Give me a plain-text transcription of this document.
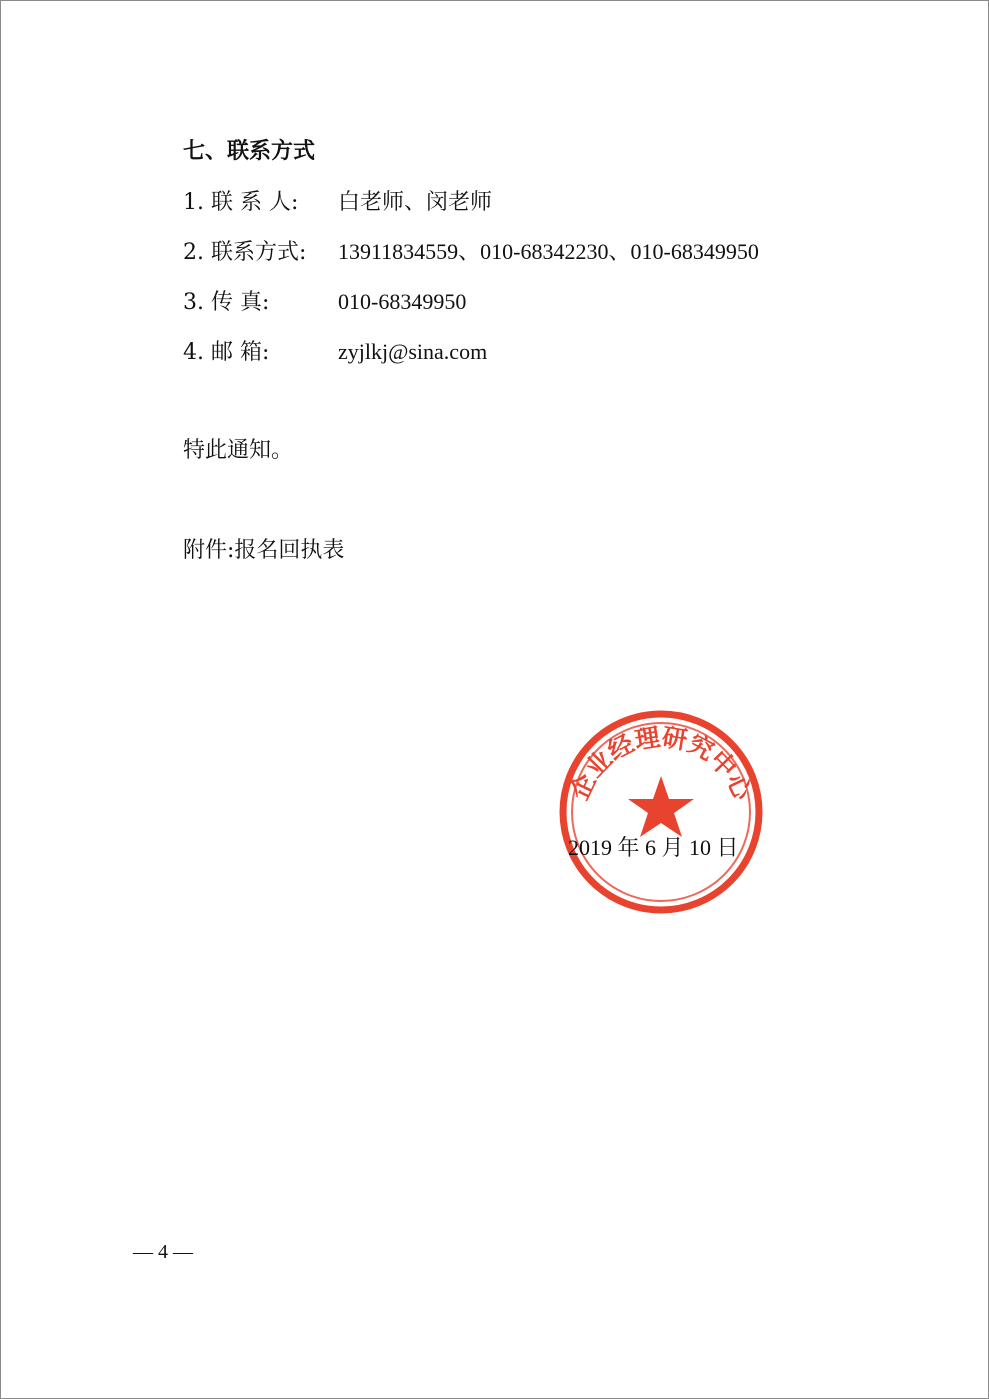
七、联系方式
1. 联 系 人: 白老师、闵老师
2. 联系方式: 13911834559、010-68342230、010-68349950
3. 传 真:	010-68349950
4. 邮 箱:	zyjlkj@sina.com
特此通知。
附件:报名回执表
企业经理研究中心
2019 年 6 月 10 日
— 4 —
